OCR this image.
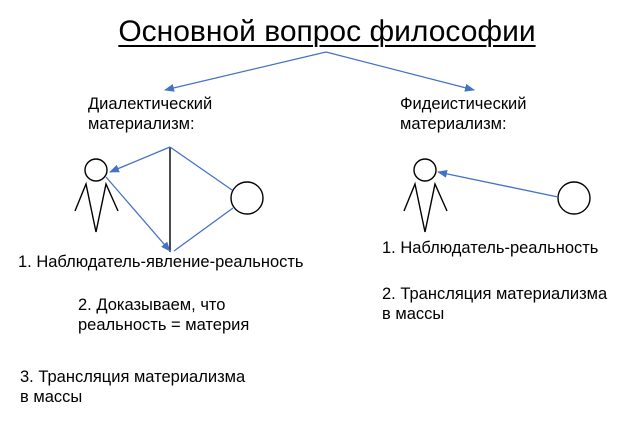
Основной вопрос философии
Диалектический
материализм:
1. Наблюдатель-явление-реальность
2. Доказываем, что
реальность = материя
3. Трансляция материализма
в массы
Фидеистический
материализм:
1. Наблюдатель-реальность
2. Трансляция материализма
в массы
